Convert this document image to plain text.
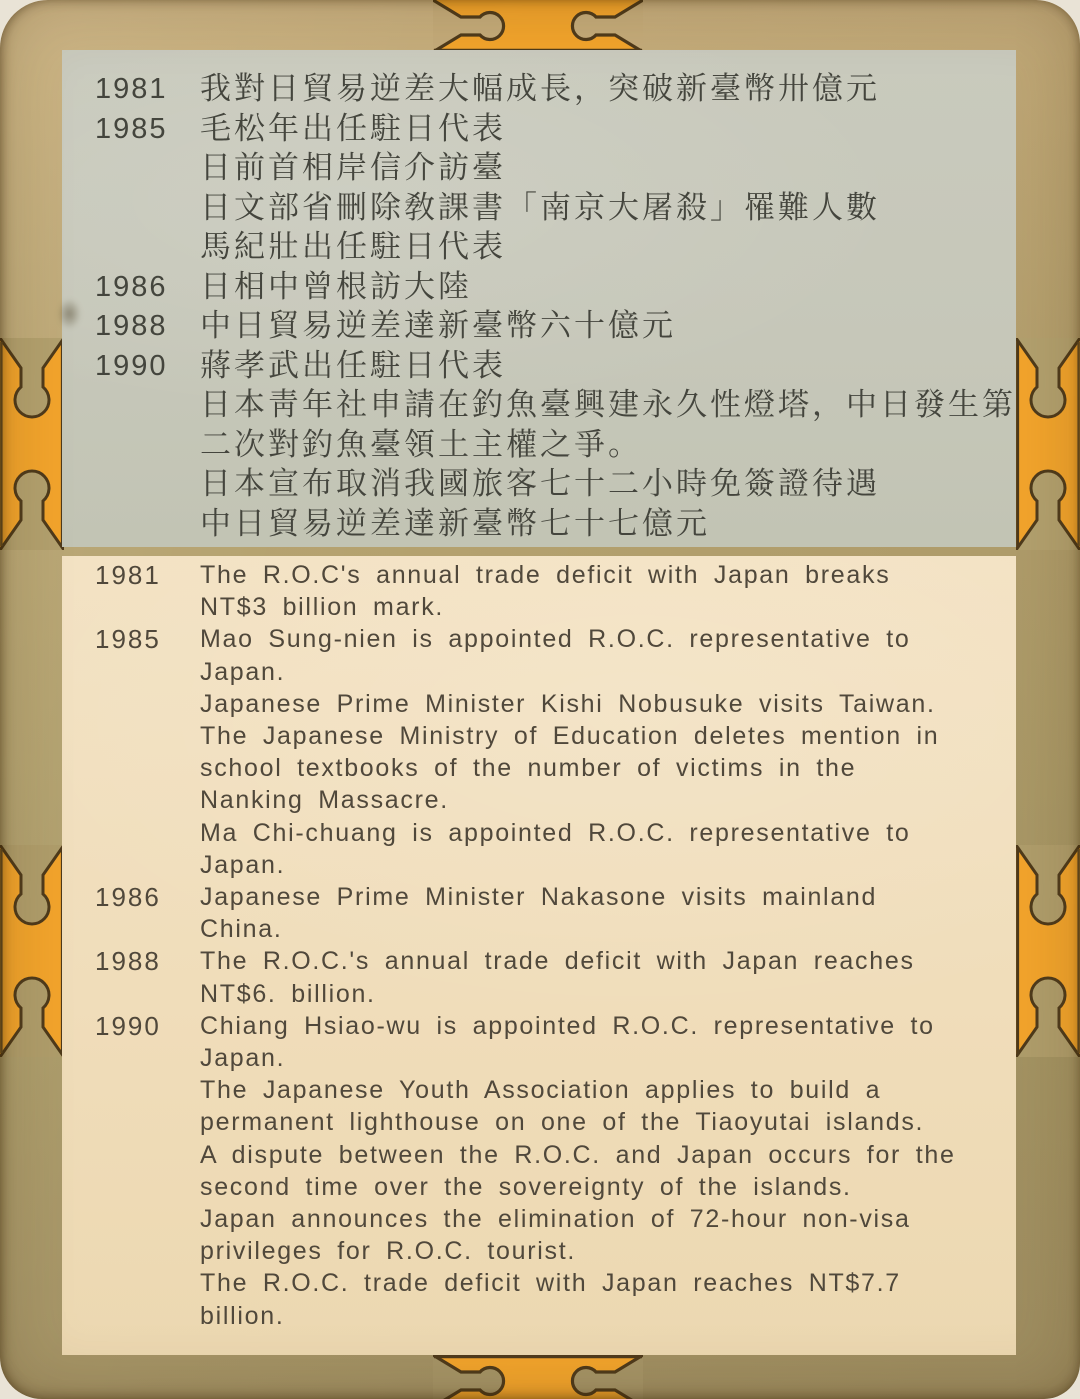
1981 我對日貿易逆差大幅成長，突破新臺幣卅億元
1985 毛松年出任駐日代表
日前首相岸信介訪臺
日文部省刪除敎課書「南京大屠殺」罹難人數
馬紀壯出任駐日代表
1986 日相中曾根訪大陸
1988 中日貿易逆差達新臺幣六十億元
1990 蔣孝武出任駐日代表
日本靑年社申請在釣魚臺興建永久性燈塔，中日發生第
二次對釣魚臺領土主權之爭。
日本宣布取消我國旅客七十二小時免簽證待遇
中日貿易逆差達新臺幣七十七億元
1981 The R.O.C's annual trade deficit with Japan breaks
NT$3 billion mark.
1985 Mao Sung-nien is appointed R.O.C. representative to
Japan.
Japanese Prime Minister Kishi Nobusuke visits Taiwan.
The Japanese Ministry of Education deletes mention in
school textbooks of the number of victims in the
Nanking Massacre.
Ma Chi-chuang is appointed R.O.C. representative to
Japan.
1986 Japanese Prime Minister Nakasone visits mainland
China.
1988 The R.O.C.'s annual trade deficit with Japan reaches
NT$6. billion.
1990 Chiang Hsiao-wu is appointed R.O.C. representative to
Japan.
The Japanese Youth Association applies to build a
permanent lighthouse on one of the Tiaoyutai islands.
A dispute between the R.O.C. and Japan occurs for the
second time over the sovereignty of the islands.
Japan announces the elimination of 72-hour non-visa
privileges for R.O.C. tourist.
The R.O.C. trade deficit with Japan reaches NT$7.7
billion.
